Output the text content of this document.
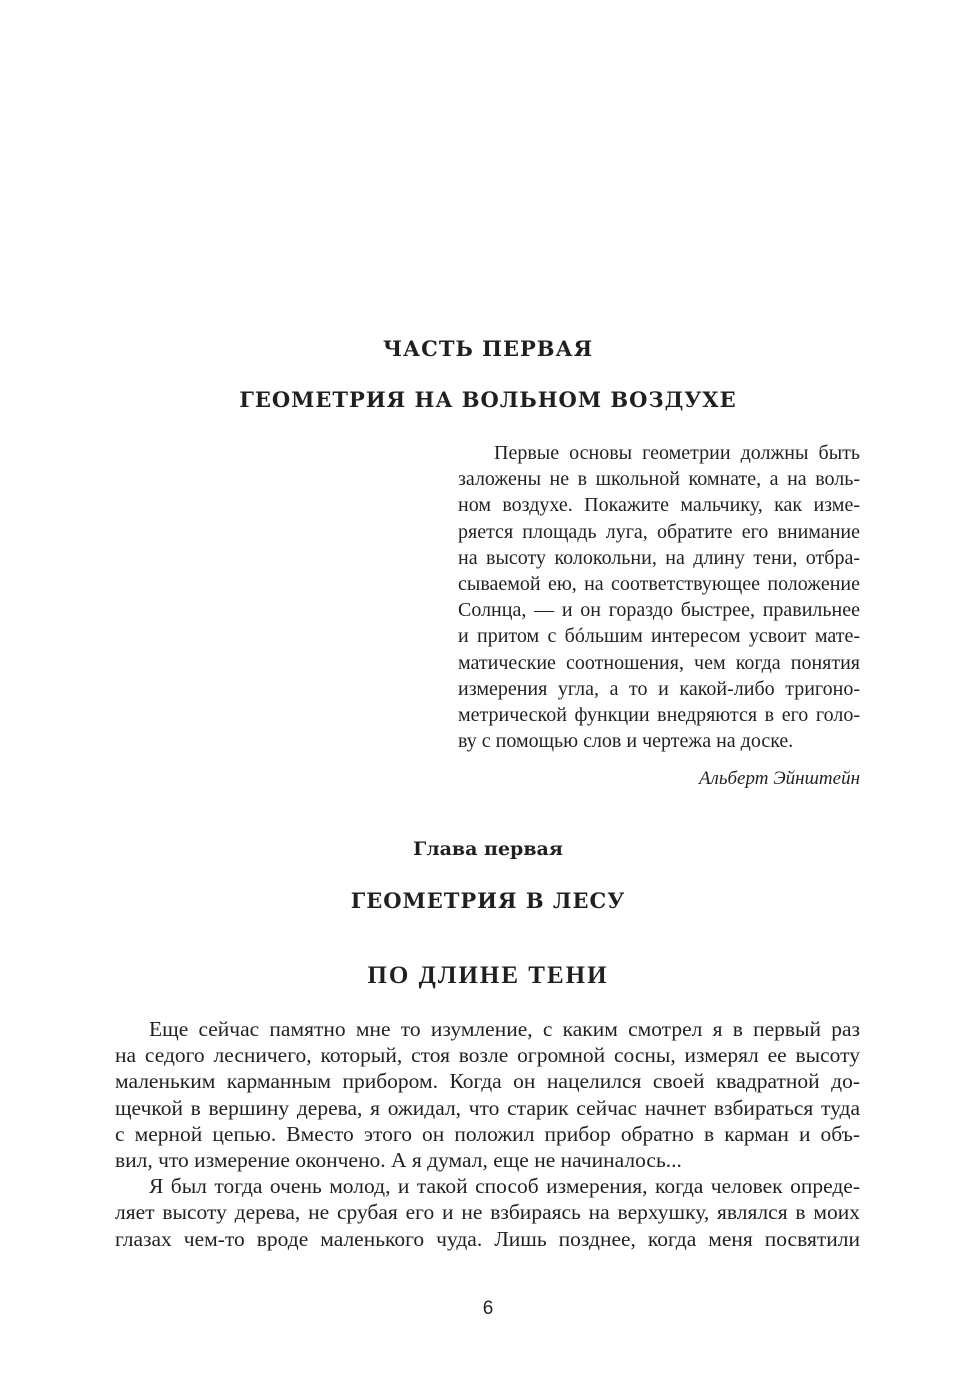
ЧАСТЬ ПЕРВАЯ
ГЕОМЕТРИЯ НА ВОЛЬНОМ ВОЗДУХЕ
Первые основы геометрии должны быть
заложены не в школьной комнате, а на воль-
ном воздухе. Покажите мальчику, как изме-
ряется площадь луга, обратите его внимание
на высоту колокольни, на длину тени, отбра-
сываемой ею, на соответствующее положение
Солнца, — и он гораздо быстрее, правильнее
и притом с бóльшим интересом усвоит мате-
матические соотношения, чем когда понятия
измерения угла, а то и какой-либо тригоно-
метрической функции внедряются в его голо-
ву с помощью слов и чертежа на доске.

Альберт Эйнштейн

Глава первая
ГЕОМЕТРИЯ В ЛЕСУ
ПО ДЛИНЕ ТЕНИ
Еще сейчас памятно мне то изумление, с каким смотрел я в первый раз
на седого лесничего, который, стоя возле огромной сосны, измерял ее высоту
маленьким карманным прибором. Когда он нацелился своей квадратной до-
щечкой в вершину дерева, я ожидал, что старик сейчас начнет взбираться туда
с мерной цепью. Вместо этого он положил прибор обратно в карман и объ-
вил, что измерение окончено. А я думал, еще не начиналось...
Я был тогда очень молод, и такой способ измерения, когда человек опреде-
ляет высоту дерева, не срубая его и не взбираясь на верхушку, являлся в моих
глазах чем-то вроде маленького чуда. Лишь позднее, когда меня посвятили

6
